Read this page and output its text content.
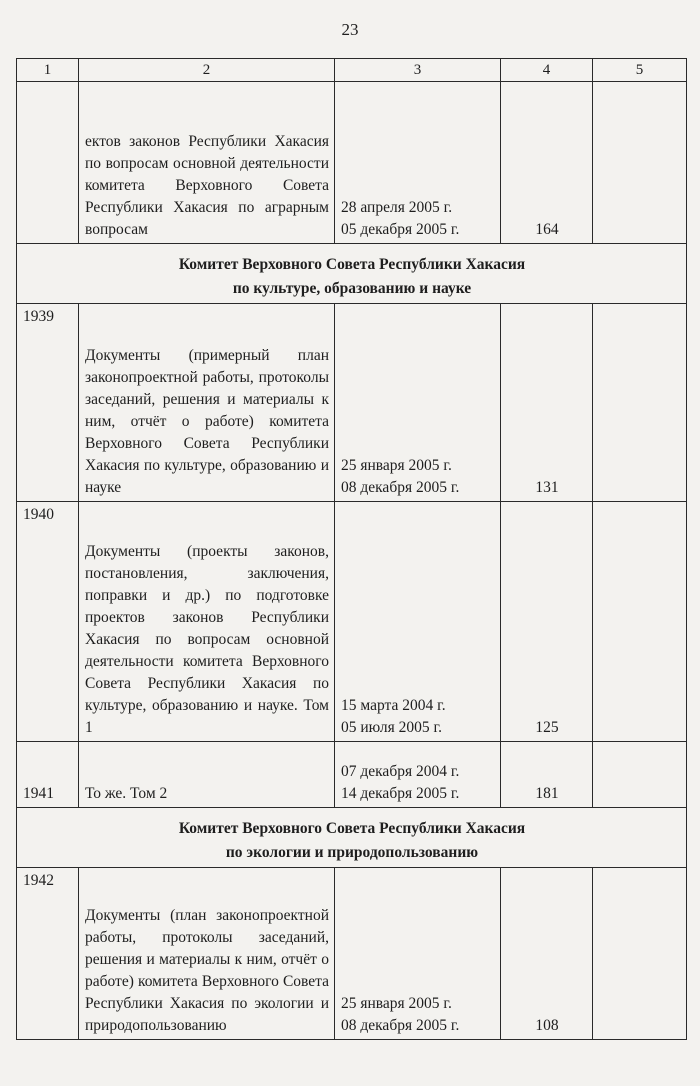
23
1	2	3	4	5
	ектов законов Республики Хакасия по вопросам основной деятельности комитета Верховного Совета Республики Хакасия по аграрным вопросам	28 апреля 2005 г.
05 декабря 2005 г.	164	

Комитет Верховного Совета Республики Хакасия
по культуре, образованию и науке				

1939	Документы (примерный план законопроектной работы, протоколы заседаний, решения и материалы к ним, отчёт о работе) комитета Верховного Совета Республики Хакасия по культуре, образованию и науке	25 января 2005 г.
08 декабря 2005 г.	131	
1940	Документы (проекты законов, постановления, заключения, поправки и др.) по подготовке проектов законов Республики Хакасия по вопросам основной деятельности комитета Верховного Совета Республики Хакасия по культуре, образованию и науке. Том 1	15 марта 2004 г.
05 июля 2005 г.	125	
1941	То же. Том 2	07 декабря 2004 г.
14 декабря 2005 г.	181	

Комитет Верховного Совета Республики Хакасия
по экологии и природопользованию				

1942	Документы (план законопроектной работы, протоколы заседаний, решения и материалы к ним, отчёт о работе) комитета Верховного Совета Республики Хакасия по экологии и природопользованию	25 января 2005 г.
08 декабря 2005 г.	108	
